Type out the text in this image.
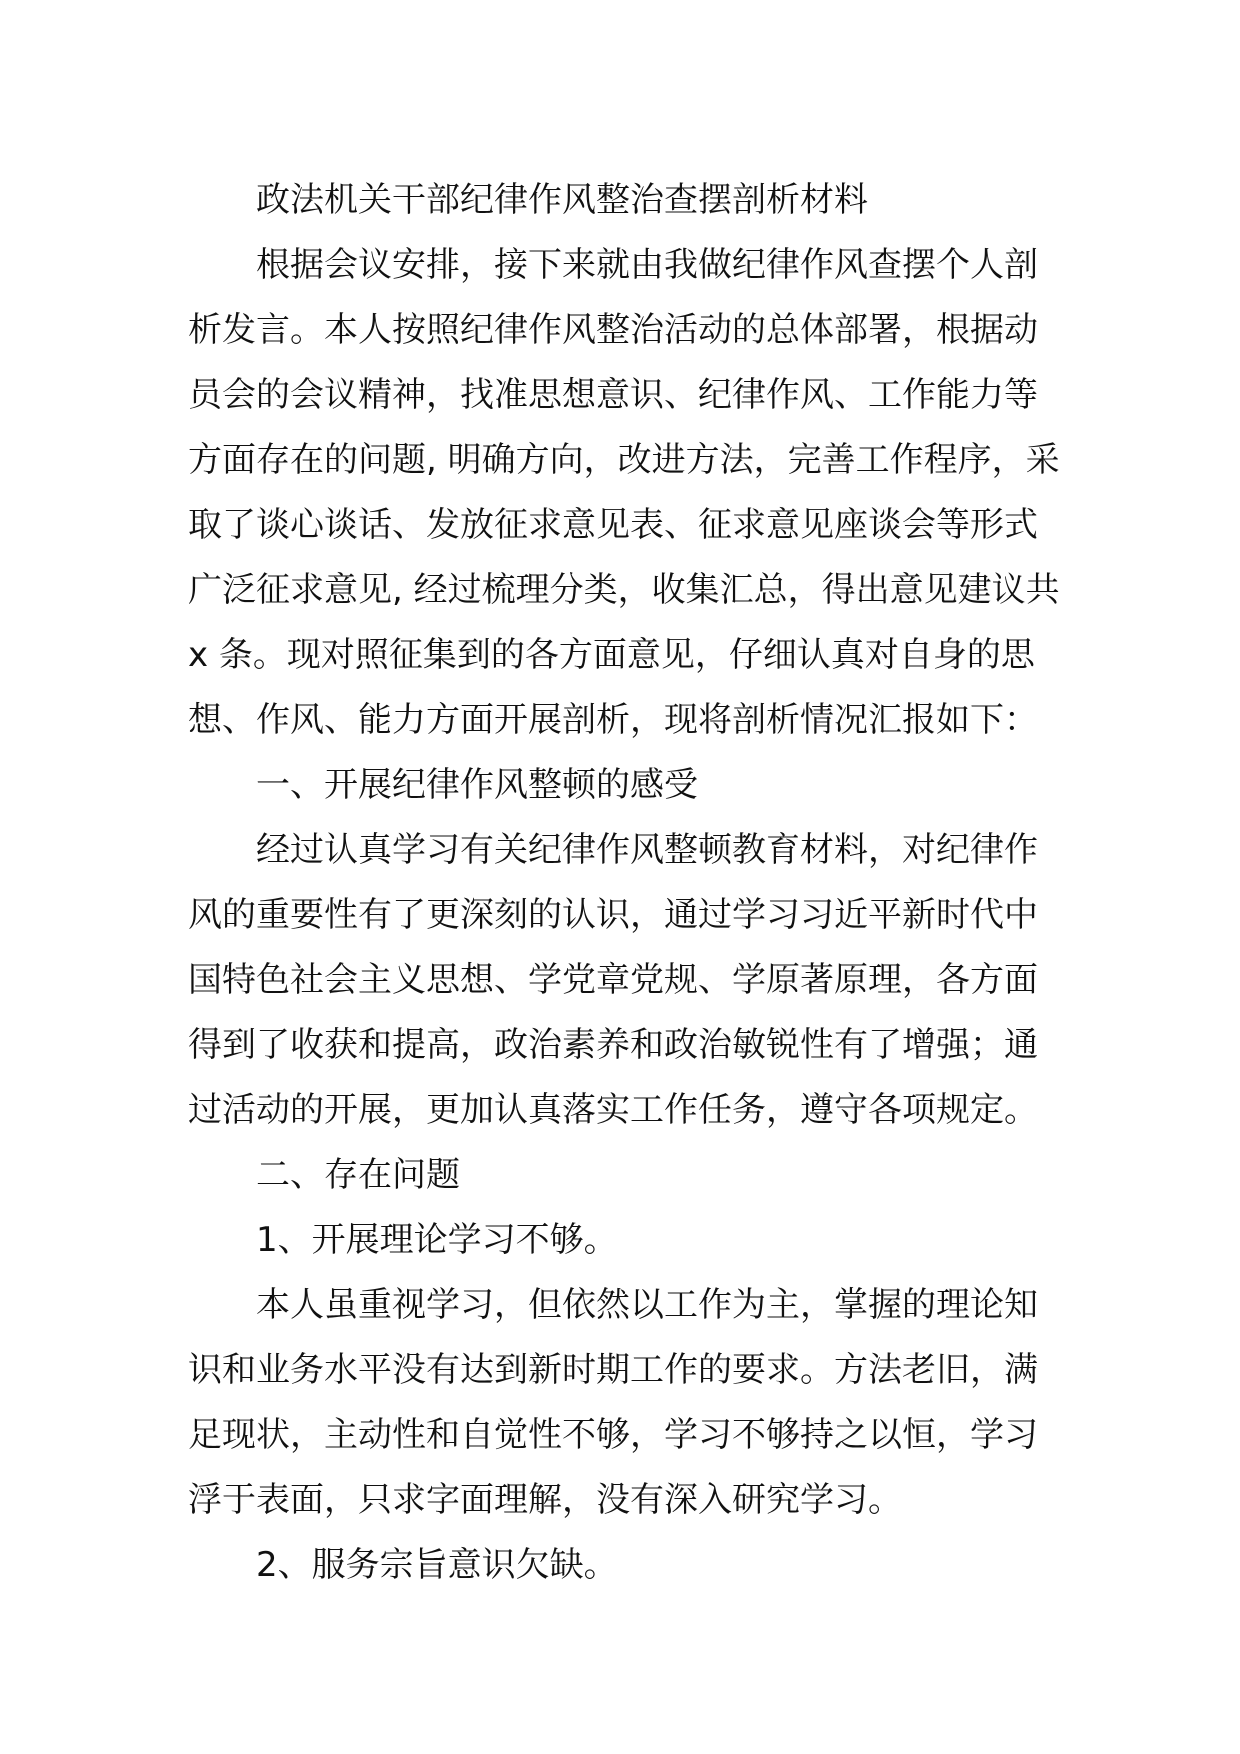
政法机关干部纪律作风整治查摆剖析材料

根据会议安排，接下来就由我做纪律作风查摆个人剖析发言。本人按照纪律作风整治活动的总体部署，根据动员会的会议精神，找准思想意识、纪律作风、工作能力等方面存在的问题, 明确方向，改进方法，完善工作程序，采取了谈心谈话、发放征求意见表、征求意见座谈会等形式广泛征求意见, 经过梳理分类，收集汇总，得出意见建议共 x 条。现对照征集到的各方面意见，仔细认真对自身的思想、作风、能力方面开展剖析，现将剖析情况汇报如下：

一、开展纪律作风整顿的感受

经过认真学习有关纪律作风整顿教育材料，对纪律作风的重要性有了更深刻的认识，通过学习习近平新时代中国特色社会主义思想、学党章党规、学原著原理，各方面得到了收获和提高，政治素养和政治敏锐性有了增强；通过活动的开展，更加认真落实工作任务，遵守各项规定。

二、存在问题

1、开展理论学习不够。

本人虽重视学习，但依然以工作为主，掌握的理论知识和业务水平没有达到新时期工作的要求。方法老旧，满足现状，主动性和自觉性不够，学习不够持之以恒，学习浮于表面，只求字面理解，没有深入研究学习。

2、服务宗旨意识欠缺。
